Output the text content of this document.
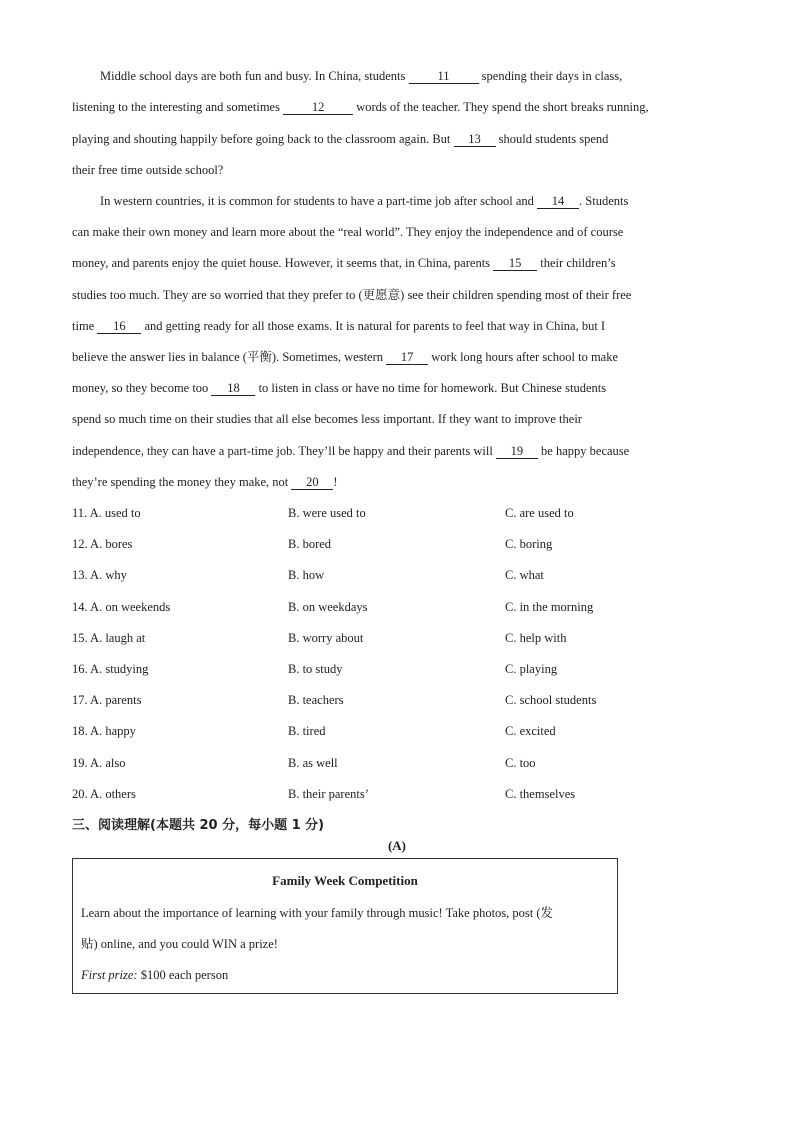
Middle school days are both fun and busy. In China, students 11 spending their days in class,
listening to the interesting and sometimes 12 words of the teacher. They spend the short breaks running,
playing and shouting happily before going back to the classroom again. But 13 should students spend
their free time outside school?
In western countries, it is common for students to have a part-time job after school and 14 . Students
can make their own money and learn more about the “real world”. They enjoy the independence and of course
money, and parents enjoy the quiet house. However, it seems that, in China, parents 15 their children’s
studies too much. They are so worried that they prefer to (更愿意) see their children spending most of their free
time 16 and getting ready for all those exams. It is natural for parents to feel that way in China, but I
believe the answer lies in balance (平衡). Sometimes, western 17 work long hours after school to make
money, so they become too 18 to listen in class or have no time for homework. But Chinese students
spend so much time on their studies that all else becomes less important. If they want to improve their
independence, they can have a part-time job. They’ll be happy and their parents will 19 be happy because
they’re spending the money they make, not 20 !
11. A. used to	B. were used to	C. are used to
12. A. bores	B. bored	C. boring
13. A. why	B. how	C. what
14. A. on weekends	B. on weekdays	C. in the morning
15. A. laugh at	B. worry about	C. help with
16. A. studying	B. to study	C. playing
17. A. parents	B. teachers	C. school students
18. A. happy	B. tired	C. excited
19. A. also	B. as well	C. too
20. A. others	B. their parents’	C. themselves
三、阅读理解(本题共 20 分，每小题 1 分)
(A)
Family Week Competition
Learn about the importance of learning with your family through music! Take photos, post (发
贴) online, and you could WIN a prize!
First prize: $100 each person
